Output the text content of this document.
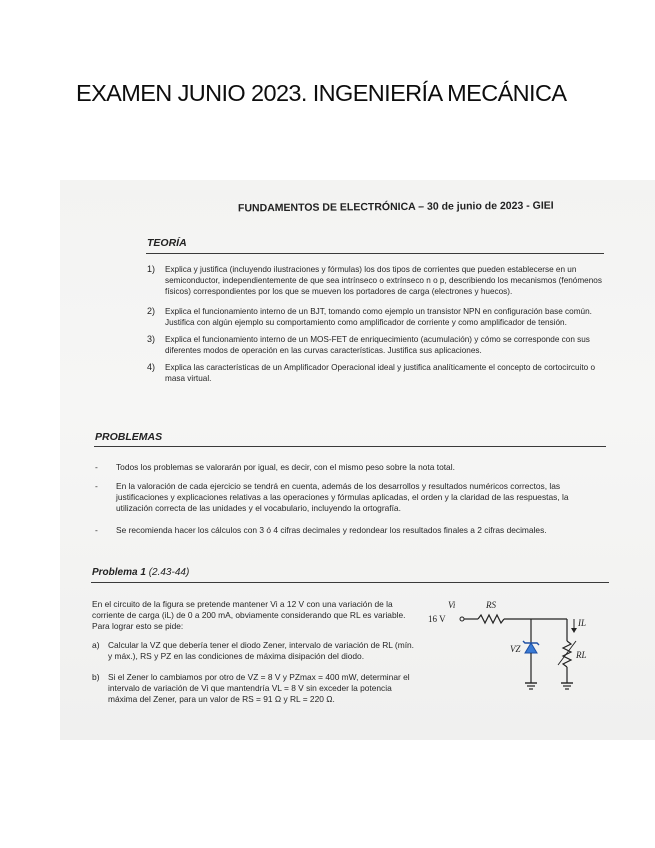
EXAMEN JUNIO 2023. INGENIERÍA MECÁNICA
FUNDAMENTOS DE ELECTRÓNICA – 30 de junio de 2023 - GIEI
TEORÍA
1) Explica y justifica (incluyendo ilustraciones y fórmulas) los dos tipos de corrientes que pueden establecerse en un semiconductor, independientemente de que sea intrínseco o extrínseco n o p, describiendo los mecanismos (fenómenos físicos) correspondientes por los que se mueven los portadores de carga (electrones y huecos).
2) Explica el funcionamiento interno de un BJT, tomando como ejemplo un transistor NPN en configuración base común. Justifica con algún ejemplo su comportamiento como amplificador de corriente y como amplificador de tensión.
3) Explica el funcionamiento interno de un MOS-FET de enriquecimiento (acumulación) y cómo se corresponde con sus diferentes modos de operación en las curvas características. Justifica sus aplicaciones.
4) Explica las características de un Amplificador Operacional ideal y justifica analíticamente el concepto de cortocircuito o masa virtual.
PROBLEMAS
- Todos los problemas se valorarán por igual, es decir, con el mismo peso sobre la nota total.
- En la valoración de cada ejercicio se tendrá en cuenta, además de los desarrollos y resultados numéricos correctos, las justificaciones y explicaciones relativas a las operaciones y fórmulas aplicadas, el orden y la claridad de las respuestas, la utilización correcta de las unidades y el vocabulario, incluyendo la ortografía.
- Se recomienda hacer los cálculos con 3 ó 4 cifras decimales y redondear los resultados finales a 2 cifras decimales.
Problema 1 (2.43-44)
En el circuito de la figura se pretende mantener Vi a 12 V con una variación de la corriente de carga (iL) de 0 a 200 mA, obviamente considerando que RL es variable. Para lograr esto se pide:
a) Calcular la VZ que debería tener el diodo Zener, intervalo de variación de RL (mín. y máx.), RS y PZ en las condiciones de máxima disipación del diodo.
b) Si el Zener lo cambiamos por otro de VZ = 8 V y PZmax = 400 mW, determinar el intervalo de variación de Vi que mantendría VL = 8 V sin exceder la potencia máxima del Zener, para un valor de RS = 91 Ω y RL = 220 Ω.
Vi
16 V
RS
VZ
IL
RL
